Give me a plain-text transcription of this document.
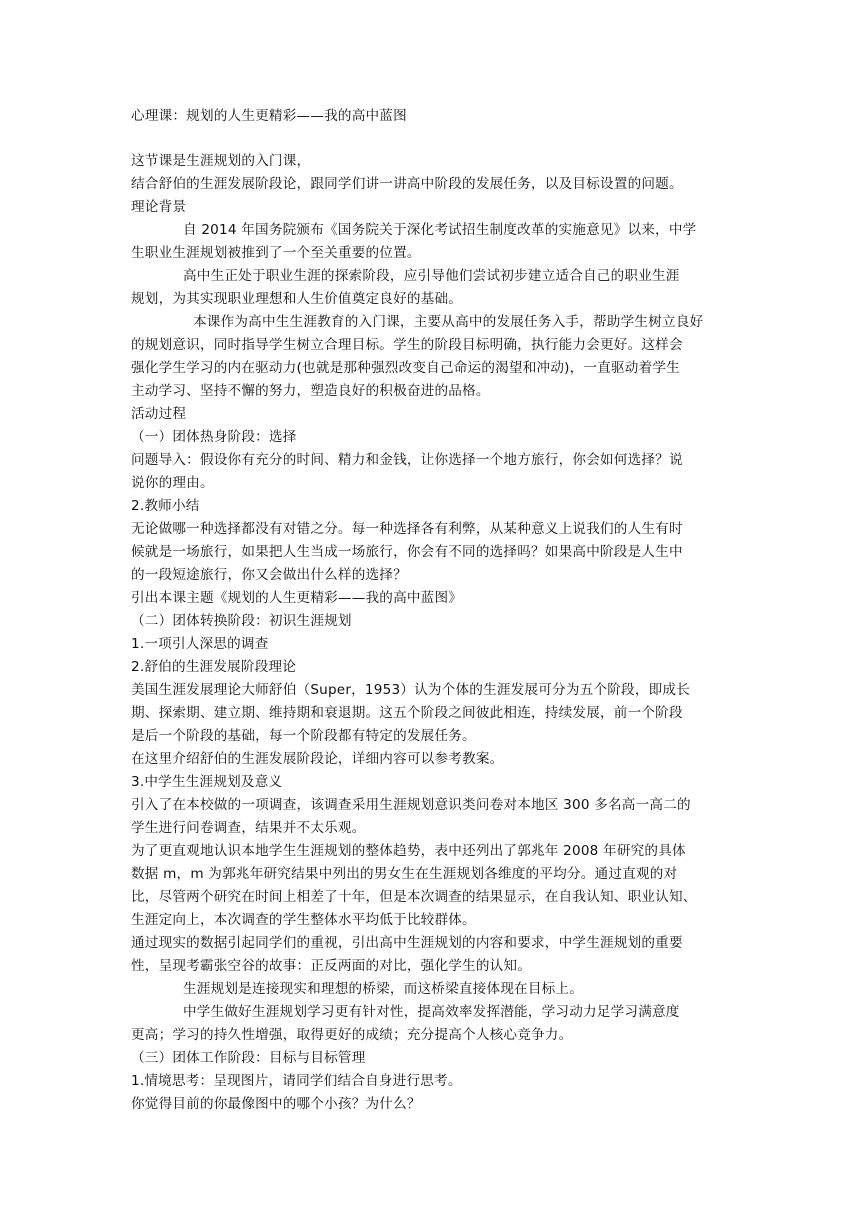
心理课：规划的人生更精彩——我的高中蓝图
这节课是生涯规划的入门课，
结合舒伯的生涯发展阶段论，跟同学们讲一讲高中阶段的发展任务，以及目标设置的问题。
理论背景
自 2014 年国务院颁布《国务院关于深化考试招生制度改革的实施意见》以来，中学
生职业生涯规划被推到了一个至关重要的位置。
高中生正处于职业生涯的探索阶段，应引导他们尝试初步建立适合自己的职业生涯
规划，为其实现职业理想和人生价值奠定良好的基础。
本课作为高中生生涯教育的入门课，主要从高中的发展任务入手，帮助学生树立良好
的规划意识，同时指导学生树立合理目标。学生的阶段目标明确，执行能力会更好。这样会
强化学生学习的内在驱动力(也就是那种强烈改变自己命运的渴望和冲动)，一直驱动着学生
主动学习、坚持不懈的努力，塑造良好的积极奋进的品格。
活动过程
（一）团体热身阶段：选择
问题导入：假设你有充分的时间、精力和金钱，让你选择一个地方旅行，你会如何选择？说
说你的理由。
2.教师小结
无论做哪一种选择都没有对错之分。每一种选择各有利弊，从某种意义上说我们的人生有时
候就是一场旅行，如果把人生当成一场旅行，你会有不同的选择吗？如果高中阶段是人生中
的一段短途旅行，你又会做出什么样的选择？
引出本课主题《规划的人生更精彩——我的高中蓝图》
（二）团体转换阶段：初识生涯规划
1.一项引人深思的调查
2.舒伯的生涯发展阶段理论
美国生涯发展理论大师舒伯（Super，1953）认为个体的生涯发展可分为五个阶段，即成长
期、探索期、建立期、维持期和衰退期。这五个阶段之间彼此相连，持续发展，前一个阶段
是后一个阶段的基础，每一个阶段都有特定的发展任务。
在这里介绍舒伯的生涯发展阶段论，详细内容可以参考教案。
3.中学生生涯规划及意义
引入了在本校做的一项调查，该调查采用生涯规划意识类问卷对本地区 300 多名高一高二的
学生进行问卷调查，结果并不太乐观。
为了更直观地认识本地学生生涯规划的整体趋势，表中还列出了郭兆年 2008 年研究的具体
数据 m，m 为郭兆年研究结果中列出的男女生在生涯规划各维度的平均分。通过直观的对
比，尽管两个研究在时间上相差了十年，但是本次调查的结果显示，在自我认知、职业认知、
生涯定向上，本次调查的学生整体水平均低于比较群体。
通过现实的数据引起同学们的重视，引出高中生涯规划的内容和要求，中学生涯规划的重要
性，呈现考霸张空谷的故事：正反两面的对比，强化学生的认知。
生涯规划是连接现实和理想的桥梁，而这桥梁直接体现在目标上。
中学生做好生涯规划学习更有针对性，提高效率发挥潜能，学习动力足学习满意度
更高；学习的持久性增强，取得更好的成绩；充分提高个人核心竞争力。
（三）团体工作阶段：目标与目标管理
1.情境思考：呈现图片，请同学们结合自身进行思考。
你觉得目前的你最像图中的哪个小孩？为什么？
